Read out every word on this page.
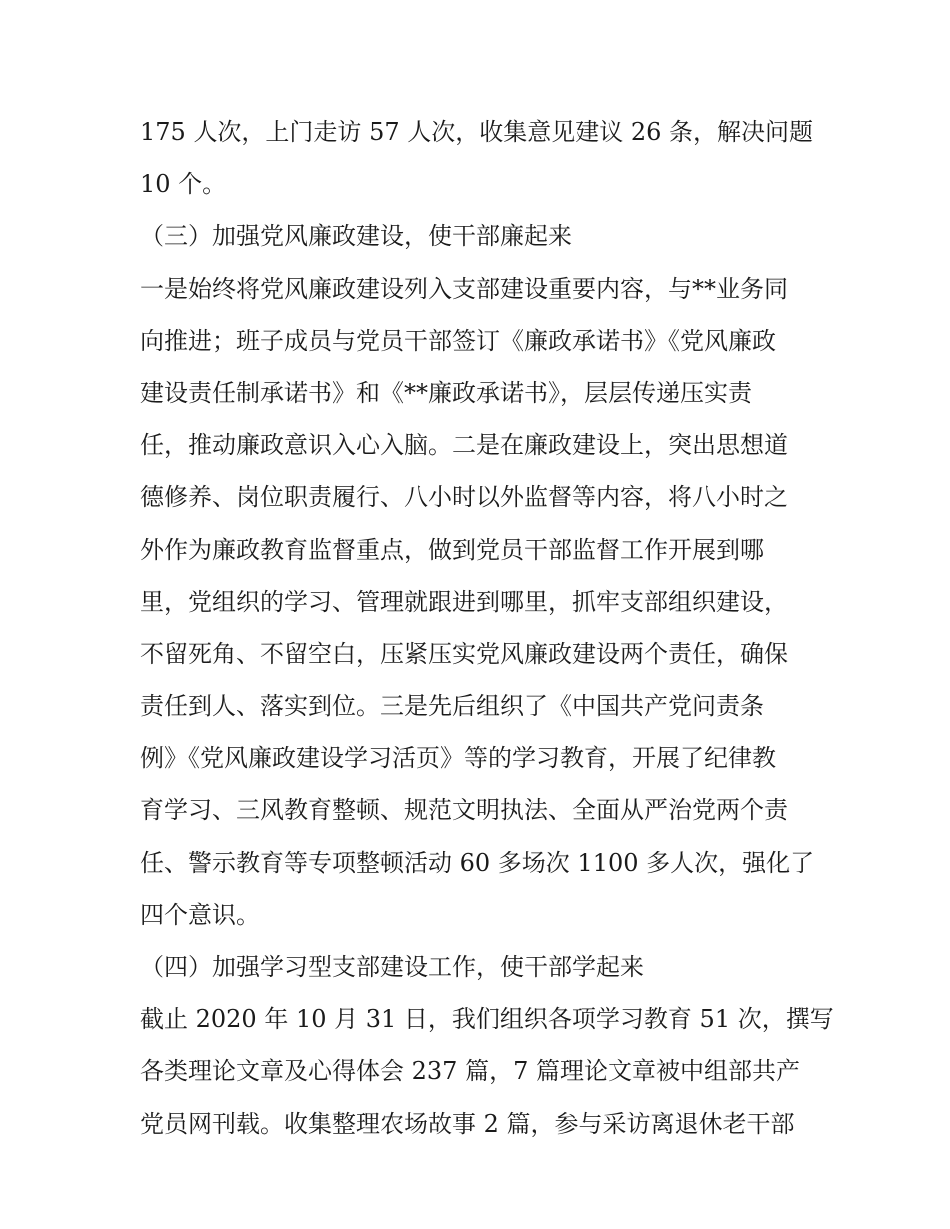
175 人次，上门走访 57 人次，收集意见建议 26 条，解决问题
10 个。
（三）加强党风廉政建设，使干部廉起来
一是始终将党风廉政建设列入支部建设重要内容，与**业务同
向推进；班子成员与党员干部签订《廉政承诺书》《党风廉政
建设责任制承诺书》和《**廉政承诺书》，层层传递压实责
任，推动廉政意识入心入脑。二是在廉政建设上，突出思想道
德修养、岗位职责履行、八小时以外监督等内容，将八小时之
外作为廉政教育监督重点，做到党员干部监督工作开展到哪
里，党组织的学习、管理就跟进到哪里，抓牢支部组织建设，
不留死角、不留空白，压紧压实党风廉政建设两个责任，确保
责任到人、落实到位。三是先后组织了《中国共产党问责条
例》《党风廉政建设学习活页》等的学习教育，开展了纪律教
育学习、三风教育整顿、规范文明执法、全面从严治党两个责
任、警示教育等专项整顿活动 60 多场次 1100 多人次，强化了
四个意识。
（四）加强学习型支部建设工作，使干部学起来
截止 2020 年 10 月 31 日，我们组织各项学习教育 51 次，撰写
各类理论文章及心得体会 237 篇，7 篇理论文章被中组部共产
党员网刊载。收集整理农场故事 2 篇，参与采访离退休老干部
